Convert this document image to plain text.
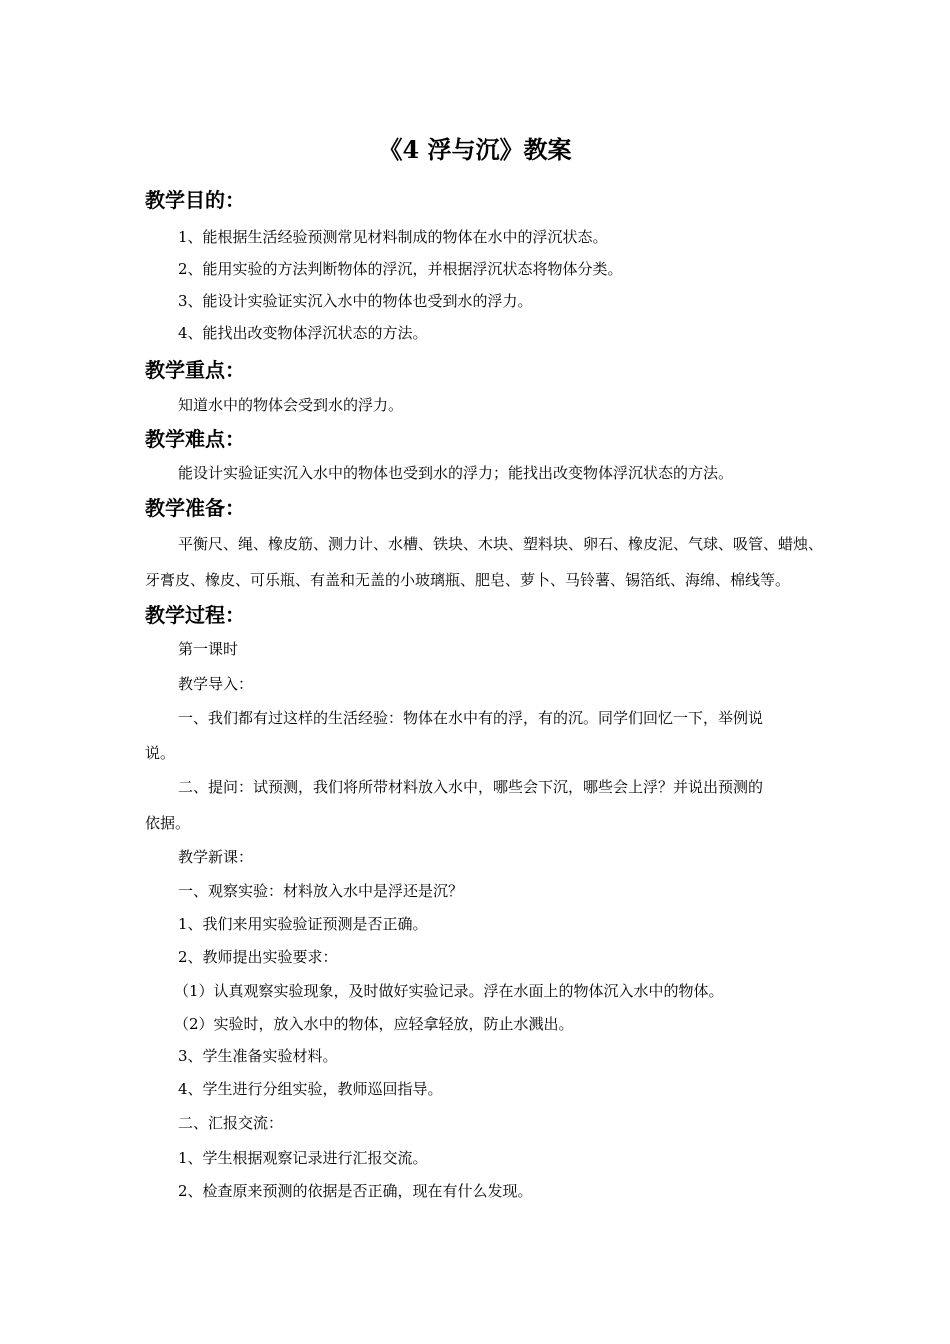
《4 浮与沉》教案
教学目的：
1、能根据生活经验预测常见材料制成的物体在水中的浮沉状态。
2、能用实验的方法判断物体的浮沉，并根据浮沉状态将物体分类。
3、能设计实验证实沉入水中的物体也受到水的浮力。
4、能找出改变物体浮沉状态的方法。
教学重点：
知道水中的物体会受到水的浮力。
教学难点：
能设计实验证实沉入水中的物体也受到水的浮力；能找出改变物体浮沉状态的方法。
教学准备：
平衡尺、绳、橡皮筋、测力计、水槽、铁块、木块、塑料块、卵石、橡皮泥、气球、吸管、蜡烛、
牙膏皮、橡皮、可乐瓶、有盖和无盖的小玻璃瓶、肥皂、萝卜、马铃薯、锡箔纸、海绵、棉线等。
教学过程：
第一课时
教学导入：
一、我们都有过这样的生活经验：物体在水中有的浮，有的沉。同学们回忆一下，举例说
说。
二、提问：试预测，我们将所带材料放入水中，哪些会下沉，哪些会上浮？并说出预测的
依据。
教学新课：
一、观察实验：材料放入水中是浮还是沉？
1、我们来用实验验证预测是否正确。
2、教师提出实验要求：
（1）认真观察实验现象，及时做好实验记录。浮在水面上的物体沉入水中的物体。
（2）实验时，放入水中的物体，应轻拿轻放，防止水溅出。
3、学生准备实验材料。
4、学生进行分组实验，教师巡回指导。
二、汇报交流：
1、学生根据观察记录进行汇报交流。
2、检查原来预测的依据是否正确，现在有什么发现。
